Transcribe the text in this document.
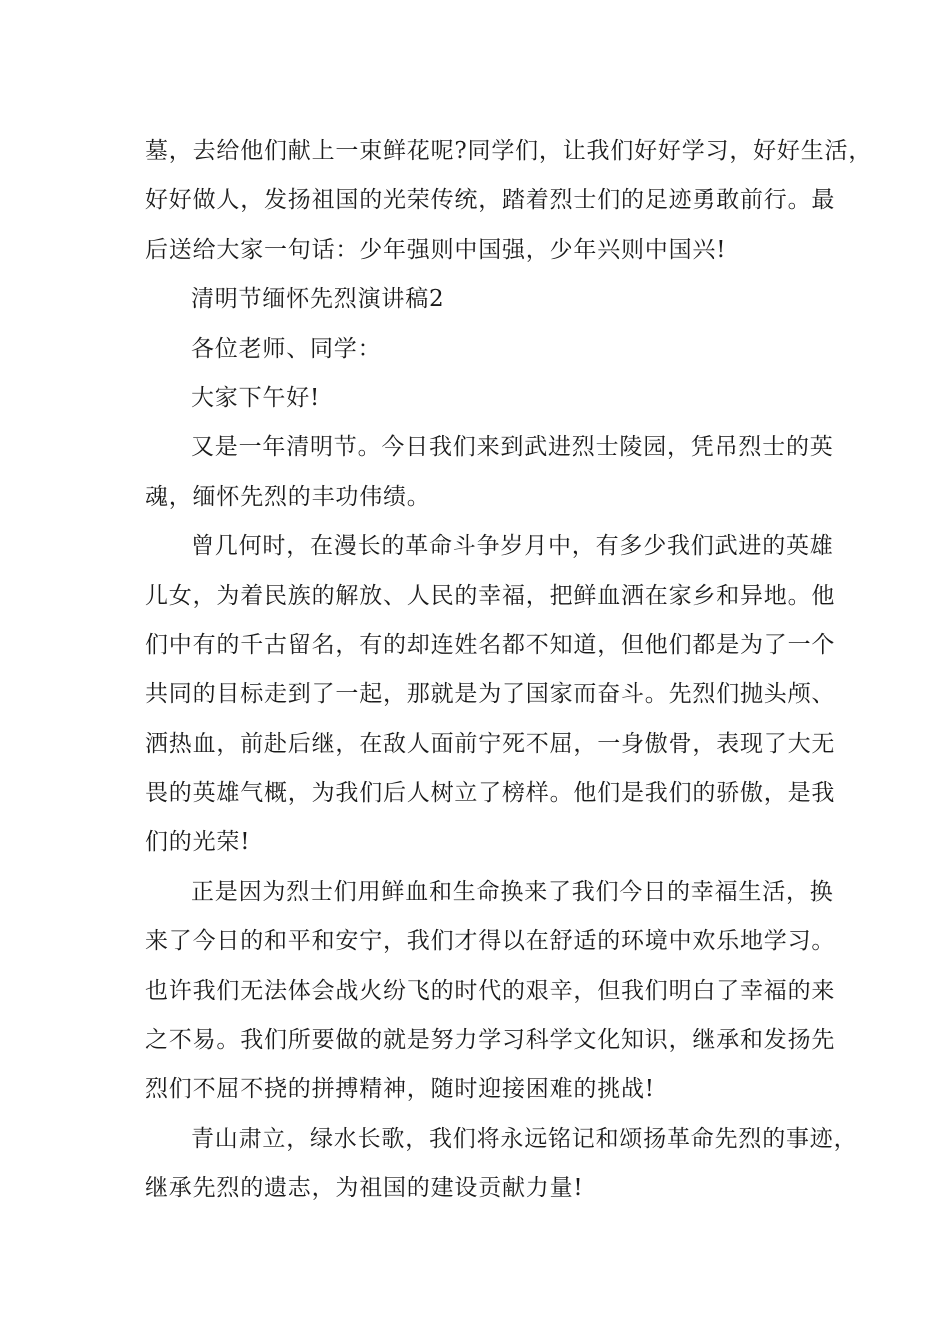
墓，去给他们献上一束鲜花呢?同学们，让我们好好学习，好好生活，
好好做人，发扬祖国的光荣传统，踏着烈士们的足迹勇敢前行。最
后送给大家一句话：少年强则中国强，少年兴则中国兴!
清明节缅怀先烈演讲稿2
各位老师、同学：
大家下午好!
又是一年清明节。今日我们来到武进烈士陵园，凭吊烈士的英
魂，缅怀先烈的丰功伟绩。
曾几何时，在漫长的革命斗争岁月中，有多少我们武进的英雄
儿女，为着民族的解放、人民的幸福，把鲜血洒在家乡和异地。他
们中有的千古留名，有的却连姓名都不知道，但他们都是为了一个
共同的目标走到了一起，那就是为了国家而奋斗。先烈们抛头颅、
洒热血，前赴后继，在敌人面前宁死不屈，一身傲骨，表现了大无
畏的英雄气概，为我们后人树立了榜样。他们是我们的骄傲，是我
们的光荣!
正是因为烈士们用鲜血和生命换来了我们今日的幸福生活，换
来了今日的和平和安宁，我们才得以在舒适的环境中欢乐地学习。
也许我们无法体会战火纷飞的时代的艰辛，但我们明白了幸福的来
之不易。我们所要做的就是努力学习科学文化知识，继承和发扬先
烈们不屈不挠的拼搏精神，随时迎接困难的挑战!
青山肃立，绿水长歌，我们将永远铭记和颂扬革命先烈的事迹，
继承先烈的遗志，为祖国的建设贡献力量!
